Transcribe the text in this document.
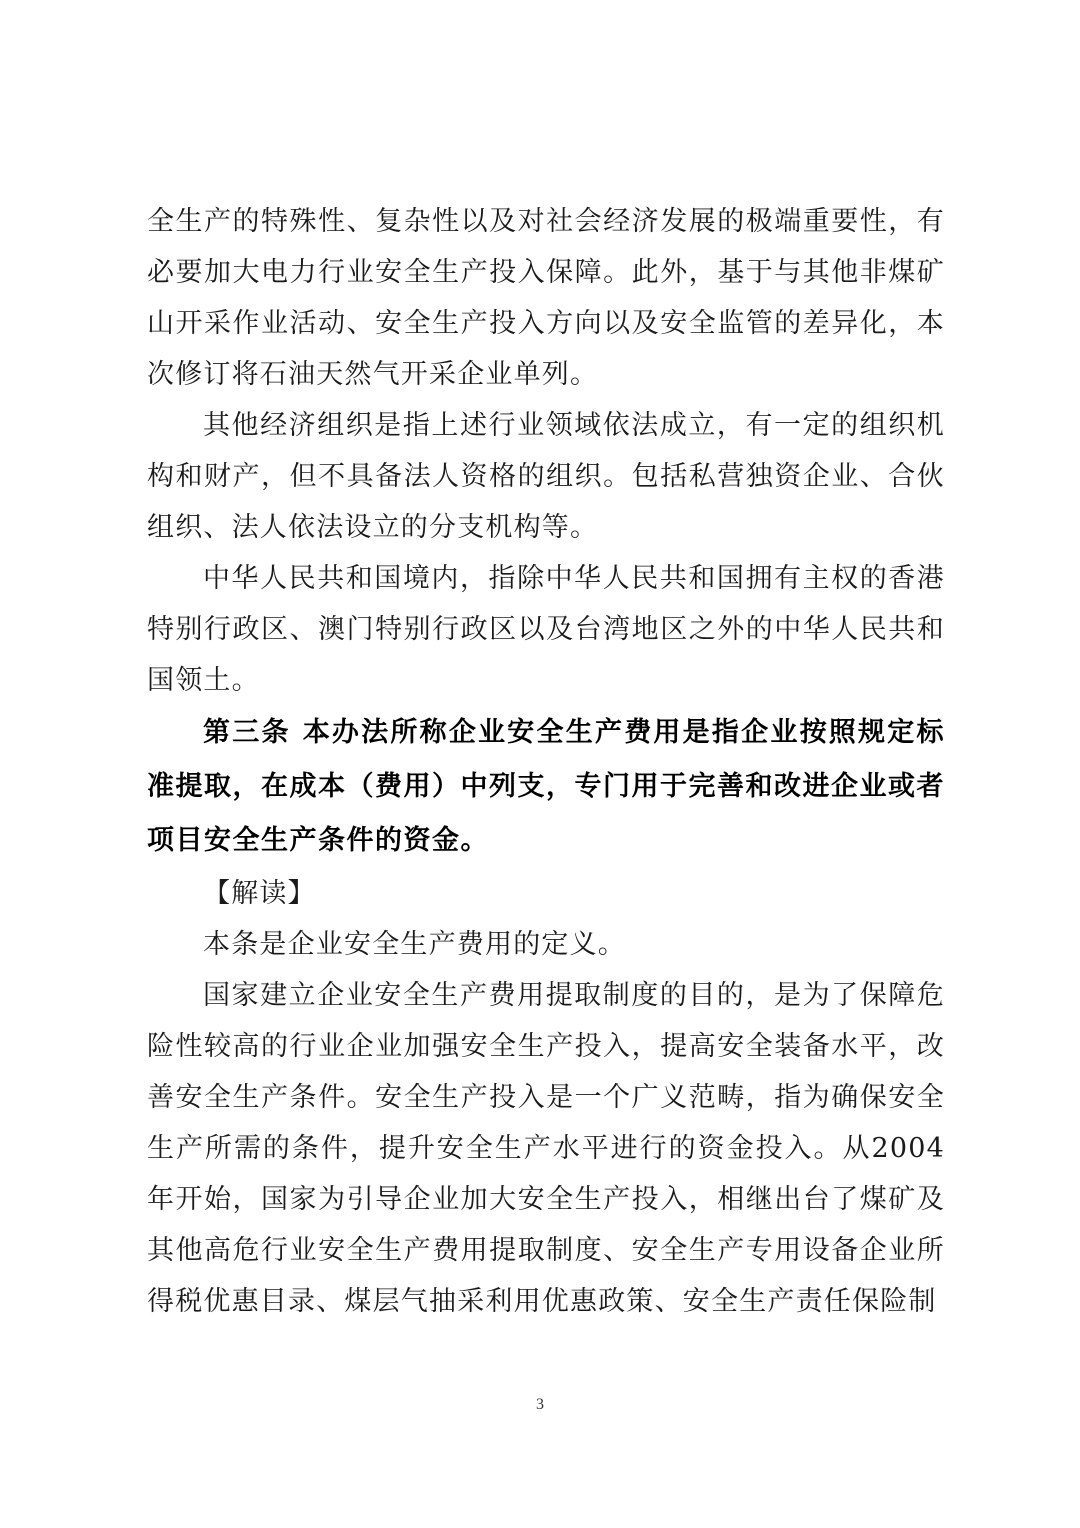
全生产的特殊性、复杂性以及对社会经济发展的极端重要性，有必要加大电力行业安全生产投入保障。此外，基于与其他非煤矿山开采作业活动、安全生产投入方向以及安全监管的差异化，本次修订将石油天然气开采企业单列。

其他经济组织是指上述行业领域依法成立，有一定的组织机构和财产，但不具备法人资格的组织。包括私营独资企业、合伙组织、法人依法设立的分支机构等。

中华人民共和国境内，指除中华人民共和国拥有主权的香港特别行政区、澳门特别行政区以及台湾地区之外的中华人民共和国领土。

第三条 本办法所称企业安全生产费用是指企业按照规定标准提取，在成本（费用）中列支，专门用于完善和改进企业或者项目安全生产条件的资金。

【解读】

本条是企业安全生产费用的定义。

国家建立企业安全生产费用提取制度的目的，是为了保障危险性较高的行业企业加强安全生产投入，提高安全装备水平，改善安全生产条件。安全生产投入是一个广义范畴，指为确保安全生产所需的条件，提升安全生产水平进行的资金投入。从2004年开始，国家为引导企业加大安全生产投入，相继出台了煤矿及其他高危行业安全生产费用提取制度、安全生产专用设备企业所得税优惠目录、煤层气抽采利用优惠政策、安全生产责任保险制

3
